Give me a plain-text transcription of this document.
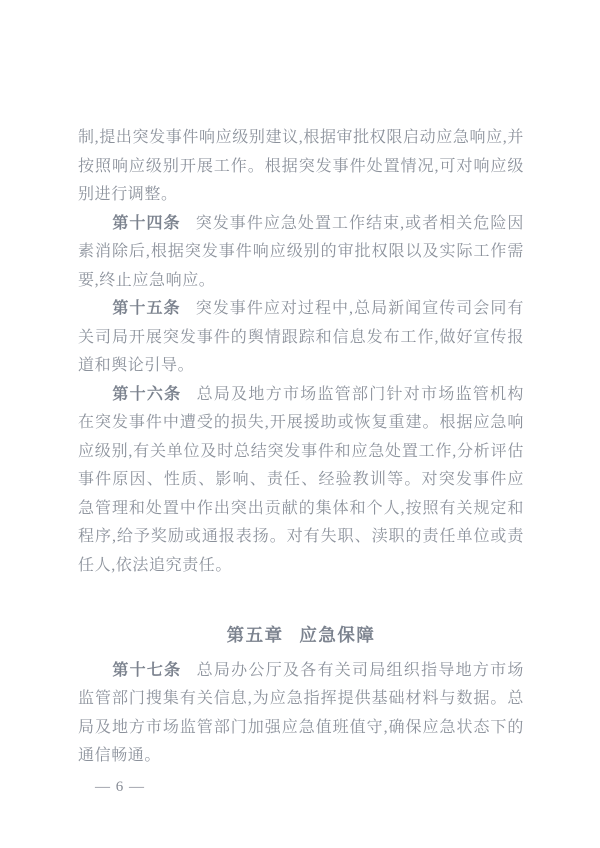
制,提出突发事件响应级别建议,根据审批权限启动应急响应,并按照响应级别开展工作。根据突发事件处置情况,可对响应级别进行调整。

第十四条 突发事件应急处置工作结束,或者相关危险因素消除后,根据突发事件响应级别的审批权限以及实际工作需要,终止应急响应。

第十五条 突发事件应对过程中,总局新闻宣传司会同有关司局开展突发事件的舆情跟踪和信息发布工作,做好宣传报道和舆论引导。

第十六条 总局及地方市场监管部门针对市场监管机构在突发事件中遭受的损失,开展援助或恢复重建。根据应急响应级别,有关单位及时总结突发事件和应急处置工作,分析评估事件原因、性质、影响、责任、经验教训等。对突发事件应急管理和处置中作出突出贡献的集体和个人,按照有关规定和程序,给予奖励或通报表扬。对有失职、渎职的责任单位或责任人,依法追究责任。

第五章 应急保障

第十七条 总局办公厅及各有关司局组织指导地方市场监管部门搜集有关信息,为应急指挥提供基础材料与数据。总局及地方市场监管部门加强应急值班值守,确保应急状态下的通信畅通。

— 6 —
